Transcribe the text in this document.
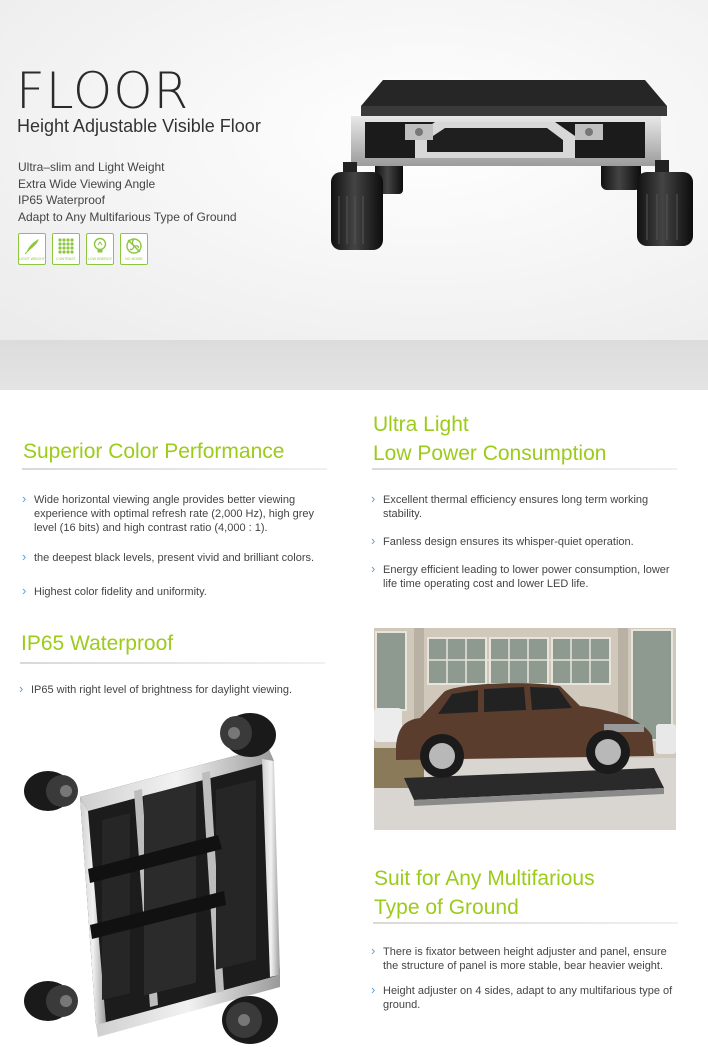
FLOOR
Height Adjustable Visible Floor
Ultra–slim and Light Weight
Extra Wide Viewing Angle
IP65 Waterproof
Adapt to Any Multifarious Type of Ground
LIGHT WEIGHT	CONTRAST	LOW ENERGY	NO NOISE
Superior Color Performance
› Wide horizontal viewing angle provides better viewing experience with optimal refresh rate (2,000 Hz), high grey level (16 bits) and high contrast ratio (4,000 : 1).
› the deepest black levels, present vivid and brilliant colors.
› Highest color fidelity and uniformity.
Ultra Light
Low Power Consumption
› Excellent thermal efficiency ensures long term working stability.
› Fanless design ensures its whisper-quiet operation.
› Energy efficient leading to lower power consumption, lower life time operating cost and lower LED life.
IP65 Waterproof
› IP65 with right level of brightness for daylight viewing.
Suit for Any Multifarious
Type of Ground
› There is fixator between height adjuster and panel, ensure the structure of panel is more stable, bear heavier weight.
› Height adjuster on 4 sides, adapt to any multifarious type of ground.
